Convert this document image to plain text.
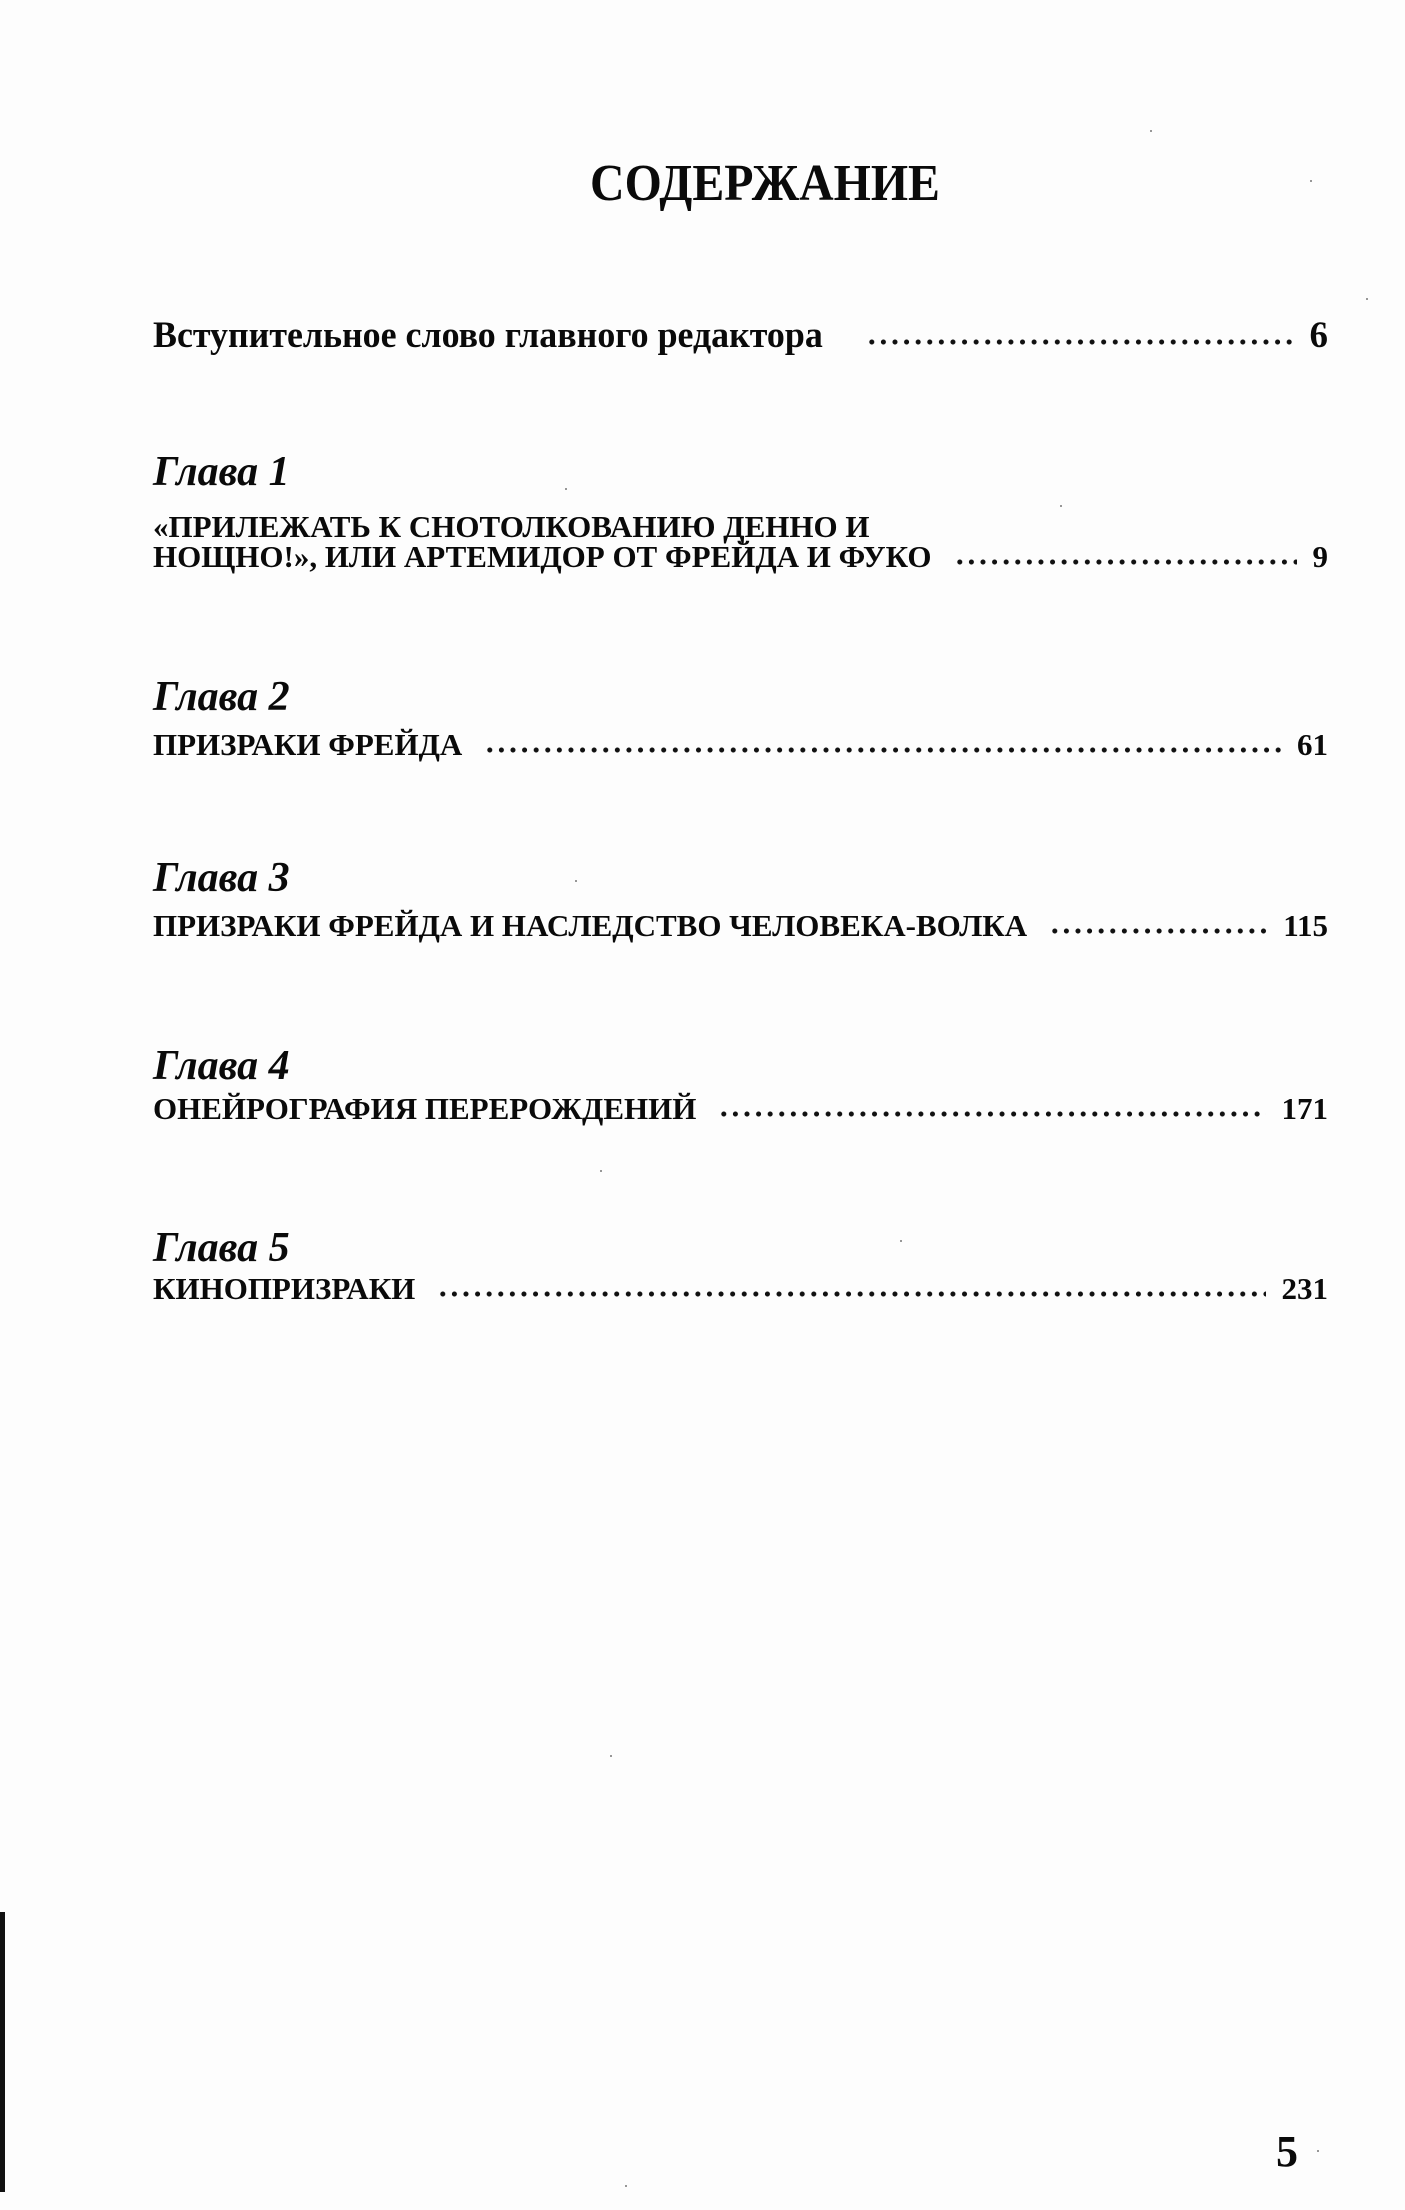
СОДЕРЖАНИЕ
Вступительное слово главного редактора	6
Глава 1
«ПРИЛЕЖАТЬ К СНОТОЛКОВАНИЮ ДЕННО И
НОЩНО!», ИЛИ АРТЕМИДОР ОТ ФРЕЙДА И ФУКО	9
Глава 2
ПРИЗРАКИ ФРЕЙДА	61
Глава 3
ПРИЗРАКИ ФРЕЙДА И НАСЛЕДСТВО ЧЕЛОВЕКА-ВОЛКА	115
Глава 4
ОНЕЙРОГРАФИЯ ПЕРЕРОЖДЕНИЙ	171
Глава 5
КИНОПРИЗРАКИ	231
5
